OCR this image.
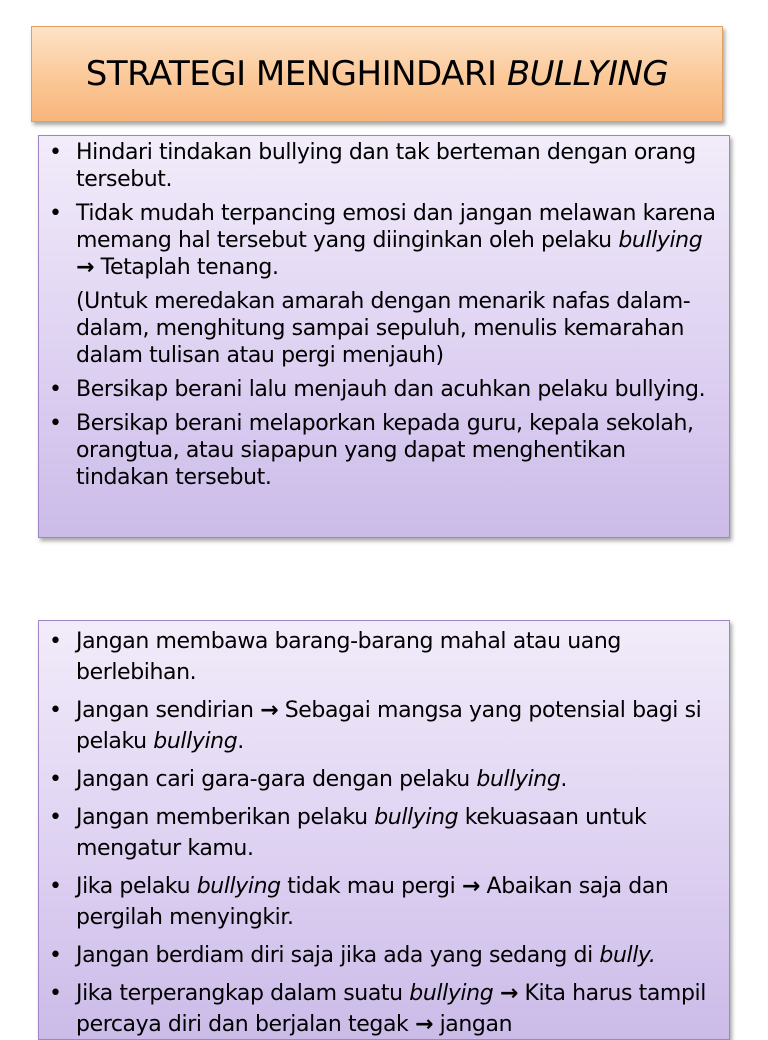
STRATEGI MENGHINDARI BULLYING
• Hindari tindakan bullying dan tak berteman dengan orang tersebut.
• Tidak mudah terpancing emosi dan jangan melawan karena memang hal tersebut yang diinginkan oleh pelaku bullying → Tetaplah tenang.
(Untuk meredakan amarah dengan menarik nafas dalam-dalam, menghitung sampai sepuluh, menulis kemarahan dalam tulisan atau pergi menjauh)
• Bersikap berani lalu menjauh dan acuhkan pelaku bullying.
• Bersikap berani melaporkan kepada guru, kepala sekolah, orangtua, atau siapapun yang dapat menghentikan tindakan tersebut.
• Jangan membawa barang-barang mahal atau uang berlebihan.
• Jangan sendirian → Sebagai mangsa yang potensial bagi si pelaku bullying.
• Jangan cari gara-gara dengan pelaku bullying.
• Jangan memberikan pelaku bullying kekuasaan untuk mengatur kamu.
• Jika pelaku bullying tidak mau pergi → Abaikan saja dan pergilah menyingkir.
• Jangan berdiam diri saja jika ada yang sedang di bully.
• Jika terperangkap dalam suatu bullying → Kita harus tampil percaya diri dan berjalan tegak → jangan
